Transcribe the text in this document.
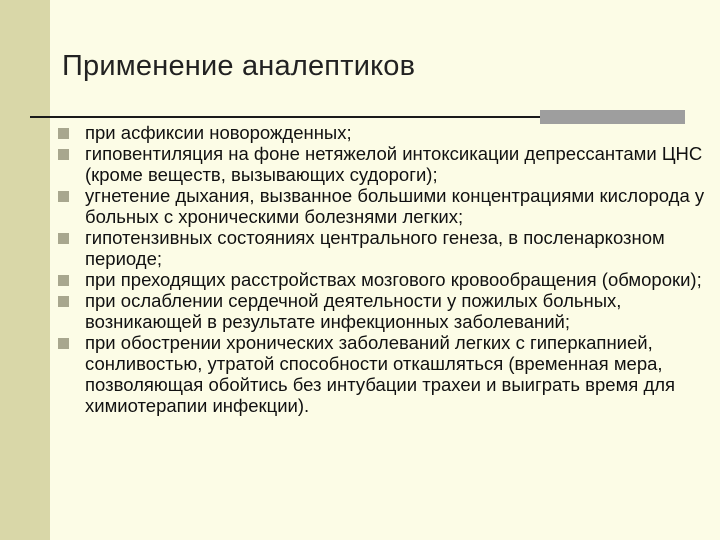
Применение аналептиков
при асфиксии новорожденных;
гиповентиляция на фоне нетяжелой интоксикации депрессантами ЦНС (кроме веществ, вызывающих судороги);
угнетение дыхания, вызванное большими концентрациями кислорода у больных с хроническими болезнями легких;
гипотензивных состояниях центрального генеза, в посленаркозном периоде;
при преходящих расстройствах мозгового кровообращения (обмороки);
при ослаблении сердечной деятельности у пожилых больных, возникающей в результате инфекционных заболеваний;
при обострении хронических заболеваний легких с гиперкапнией, сонливостью, утратой способности откашляться (временная мера, позволяющая обойтись без интубации трахеи и выиграть время для химиотерапии инфекции).
